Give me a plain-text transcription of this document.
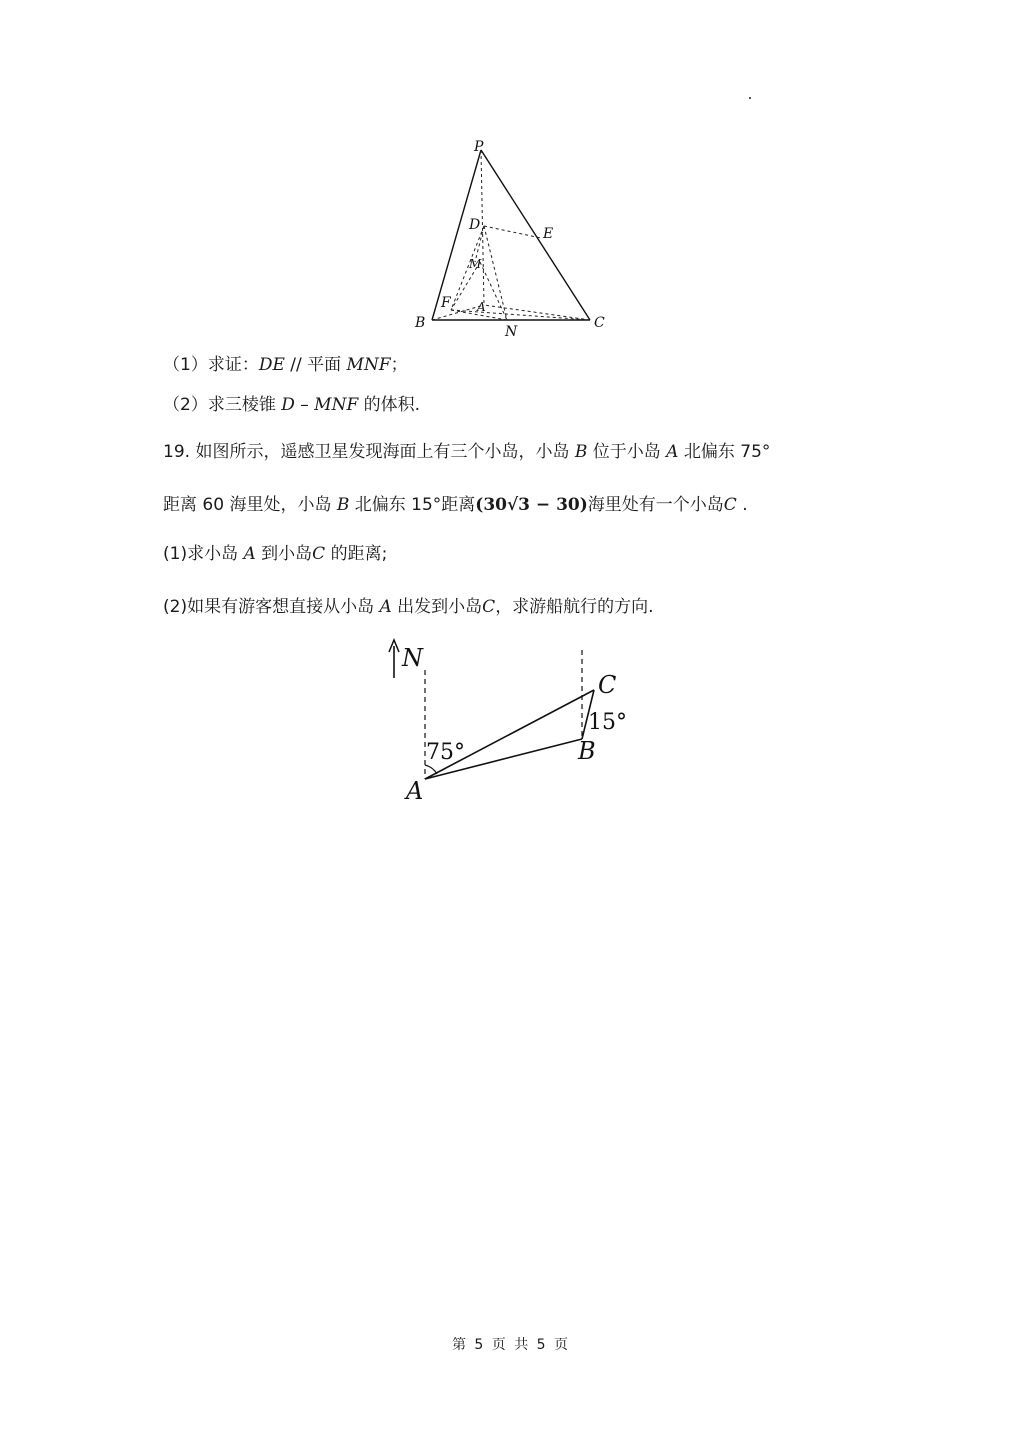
P
D
E
M
F A
B
N
C
（1）求证：DE // 平面 MNF；
（2）求三棱锥 D – MNF 的体积.
19. 如图所示，遥感卫星发现海面上有三个小岛，小岛 B 位于小岛 A 北偏东 75°
距离 60 海里处，小岛 B 北偏东 15°距离(30√3 − 30)海里处有一个小岛C .
(1)求小岛 A 到小岛C 的距离;
(2)如果有游客想直接从小岛 A 出发到小岛C，求游船航行的方向.
N
75°
15°
A
B
C
第 5 页 共 5 页
